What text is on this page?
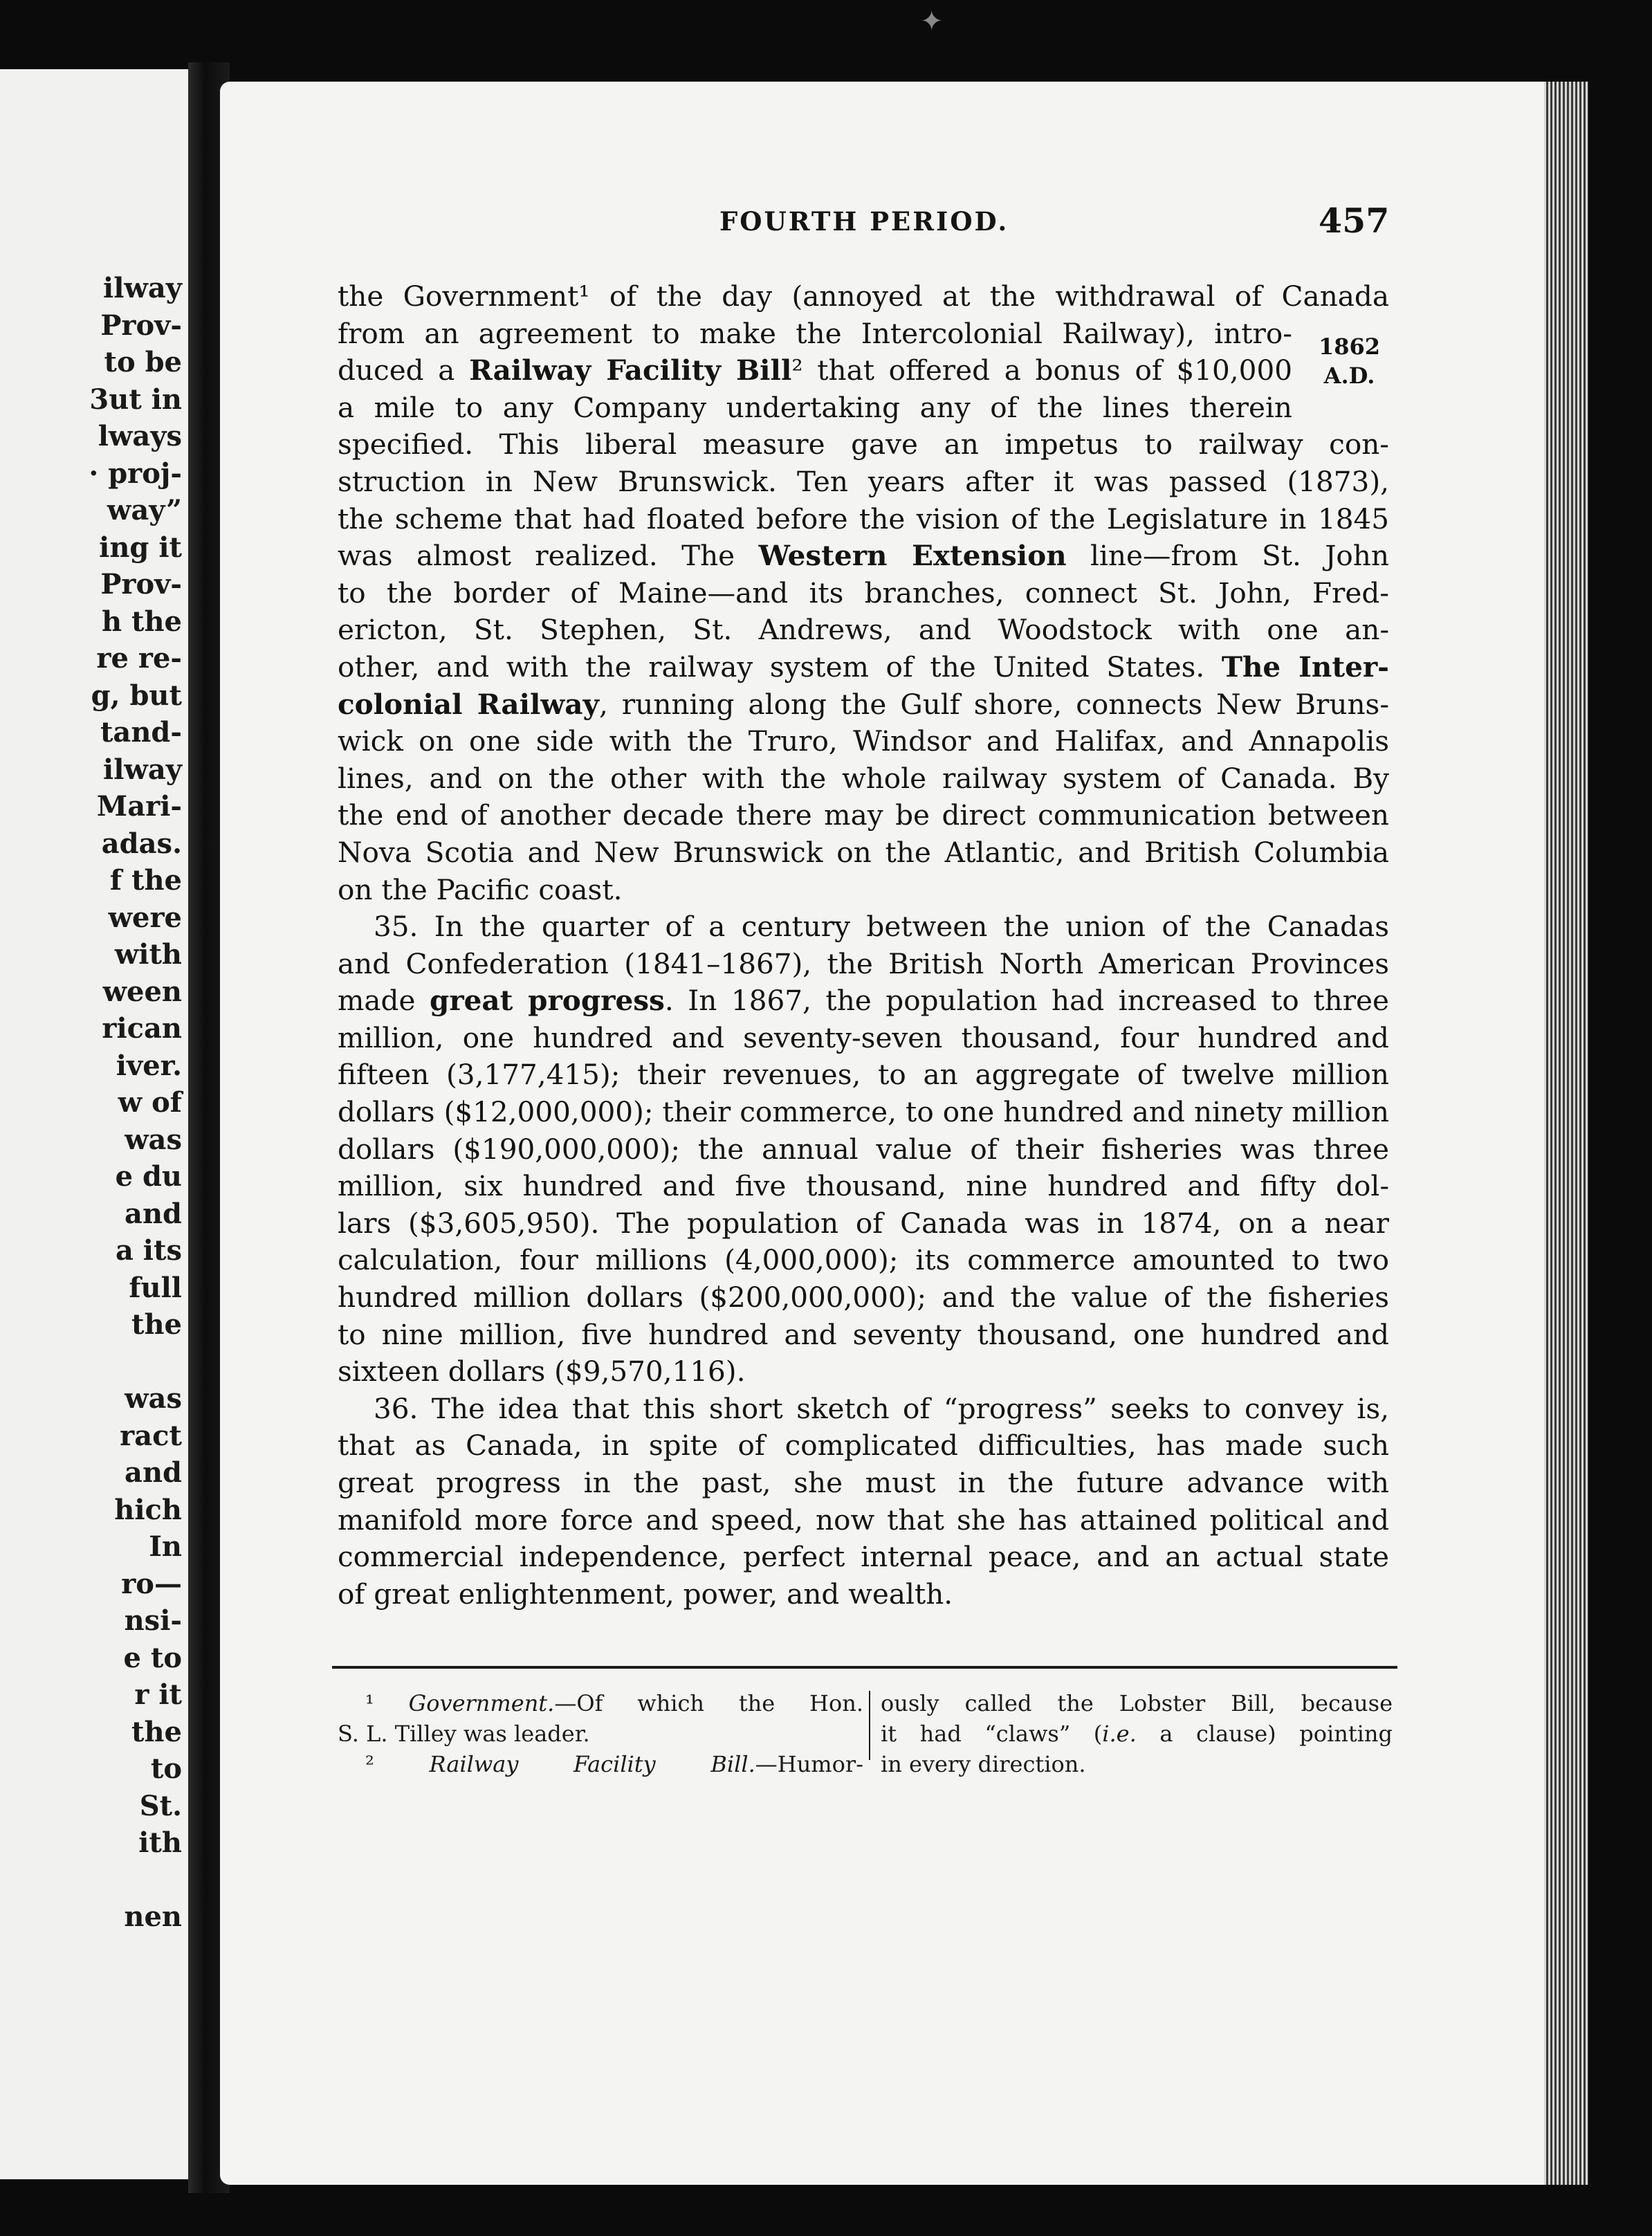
✦
ilway
Prov-
to be
3ut in
lways
· proj-
way”
ing it
Prov-
h the
re re-
g, but
tand-
ilway
Mari-
adas.
f the
were
with
ween
rican
iver.
w of
was
e du
and
a its
full
the
was
ract
and
hich
In
ro—
nsi-
e to
r it
the
to
St.
ith
nen
FOURTH PERIOD.	457
1862
A.D.
the Government¹ of the day (annoyed at the withdrawal of Canada
from an agreement to make the Intercolonial Railway), intro-
duced a Railway Facility Bill² that offered a bonus of $10,000
a mile to any Company undertaking any of the lines therein
specified. This liberal measure gave an impetus to railway con-
struction in New Brunswick. Ten years after it was passed (1873),
the scheme that had floated before the vision of the Legislature in 1845
was almost realized. The Western Extension line—from St. John
to the border of Maine—and its branches, connect St. John, Fred-
ericton, St. Stephen, St. Andrews, and Woodstock with one an-
other, and with the railway system of the United States. The Inter-
colonial Railway, running along the Gulf shore, connects New Bruns-
wick on one side with the Truro, Windsor and Halifax, and Annapolis
lines, and on the other with the whole railway system of Canada. By
the end of another decade there may be direct communication between
Nova Scotia and New Brunswick on the Atlantic, and British Columbia
on the Pacific coast.
35. In the quarter of a century between the union of the Canadas
and Confederation (1841–1867), the British North American Provinces
made great progress. In 1867, the population had increased to three
million, one hundred and seventy-seven thousand, four hundred and
fifteen (3,177,415); their revenues, to an aggregate of twelve million
dollars ($12,000,000); their commerce, to one hundred and ninety million
dollars ($190,000,000); the annual value of their fisheries was three
million, six hundred and five thousand, nine hundred and fifty dol-
lars ($3,605,950). The population of Canada was in 1874, on a near
calculation, four millions (4,000,000); its commerce amounted to two
hundred million dollars ($200,000,000); and the value of the fisheries
to nine million, five hundred and seventy thousand, one hundred and
sixteen dollars ($9,570,116).
36. The idea that this short sketch of “progress” seeks to convey is,
that as Canada, in spite of complicated difficulties, has made such
great progress in the past, she must in the future advance with
manifold more force and speed, now that she has attained political and
commercial independence, perfect internal peace, and an actual state
of great enlightenment, power, and wealth.
¹ Government.—Of which the Hon.
S. L. Tilley was leader.
² Railway Facility Bill.—Humor-
ously called the Lobster Bill, because
it had “claws” (i.e. a clause) pointing
in every direction.
